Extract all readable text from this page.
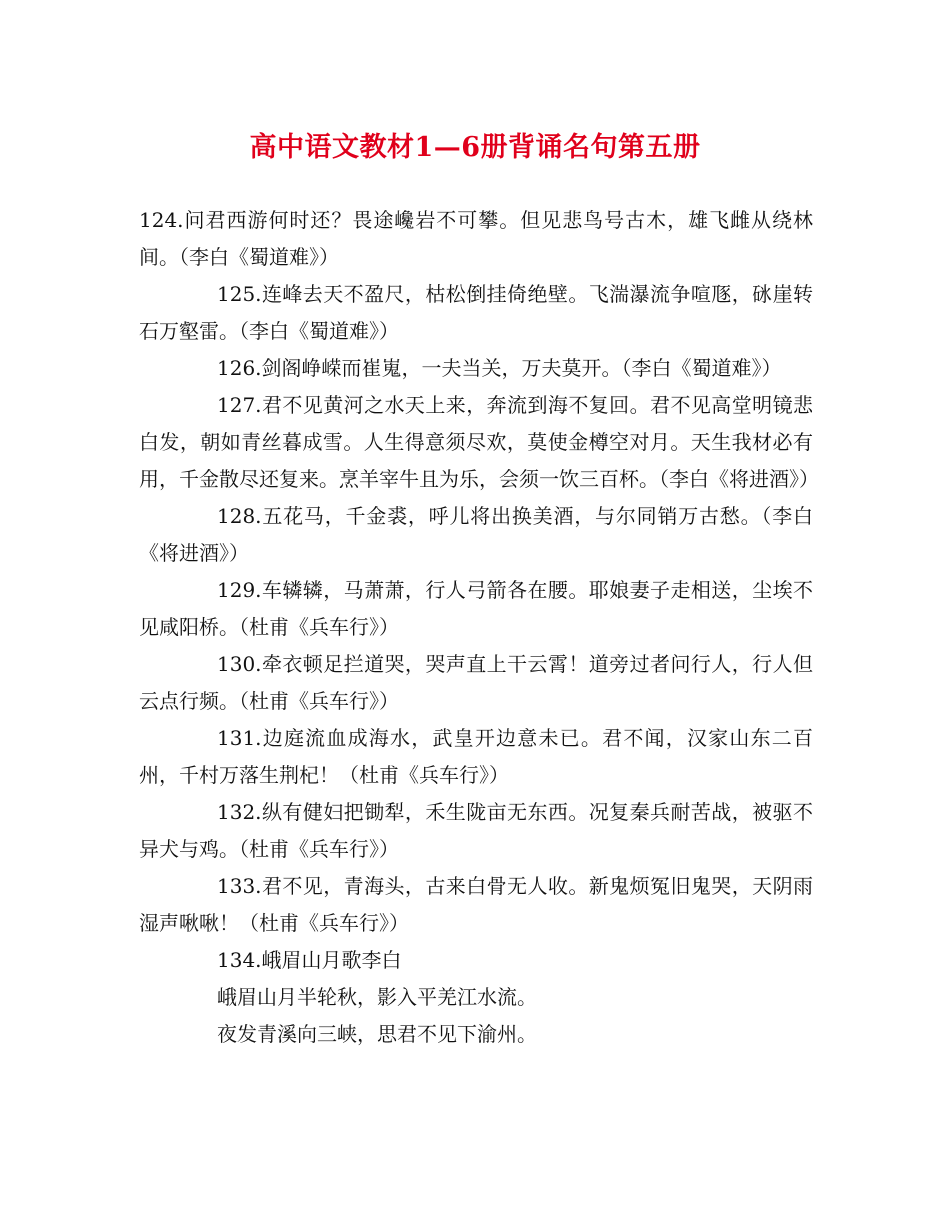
高中语文教材1—6册背诵名句第五册

124.问君西游何时还？畏途巉岩不可攀。但见悲鸟号古木，雄飞雌从绕林间。（李白《蜀道难》）

125.连峰去天不盈尺，枯松倒挂倚绝壁。飞湍瀑流争喧豗，砯崖转石万壑雷。（李白《蜀道难》）

126.剑阁峥嵘而崔嵬，一夫当关，万夫莫开。（李白《蜀道难》）

127.君不见黄河之水天上来，奔流到海不复回。君不见高堂明镜悲白发，朝如青丝暮成雪。人生得意须尽欢，莫使金樽空对月。天生我材必有用，千金散尽还复来。烹羊宰牛且为乐，会须一饮三百杯。（李白《将进酒》）

128.五花马，千金裘，呼儿将出换美酒，与尔同销万古愁。（李白《将进酒》）

129.车辚辚，马萧萧，行人弓箭各在腰。耶娘妻子走相送，尘埃不见咸阳桥。（杜甫《兵车行》）

130.牵衣顿足拦道哭，哭声直上干云霄！道旁过者问行人，行人但云点行频。（杜甫《兵车行》）

131.边庭流血成海水，武皇开边意未已。君不闻，汉家山东二百州，千村万落生荆杞！（杜甫《兵车行》）

132.纵有健妇把锄犁，禾生陇亩无东西。况复秦兵耐苦战，被驱不异犬与鸡。（杜甫《兵车行》）

133.君不见，青海头，古来白骨无人收。新鬼烦冤旧鬼哭，天阴雨湿声啾啾！（杜甫《兵车行》）

134.峨眉山月歌李白

峨眉山月半轮秋，影入平羌江水流。

夜发青溪向三峡，思君不见下渝州。
